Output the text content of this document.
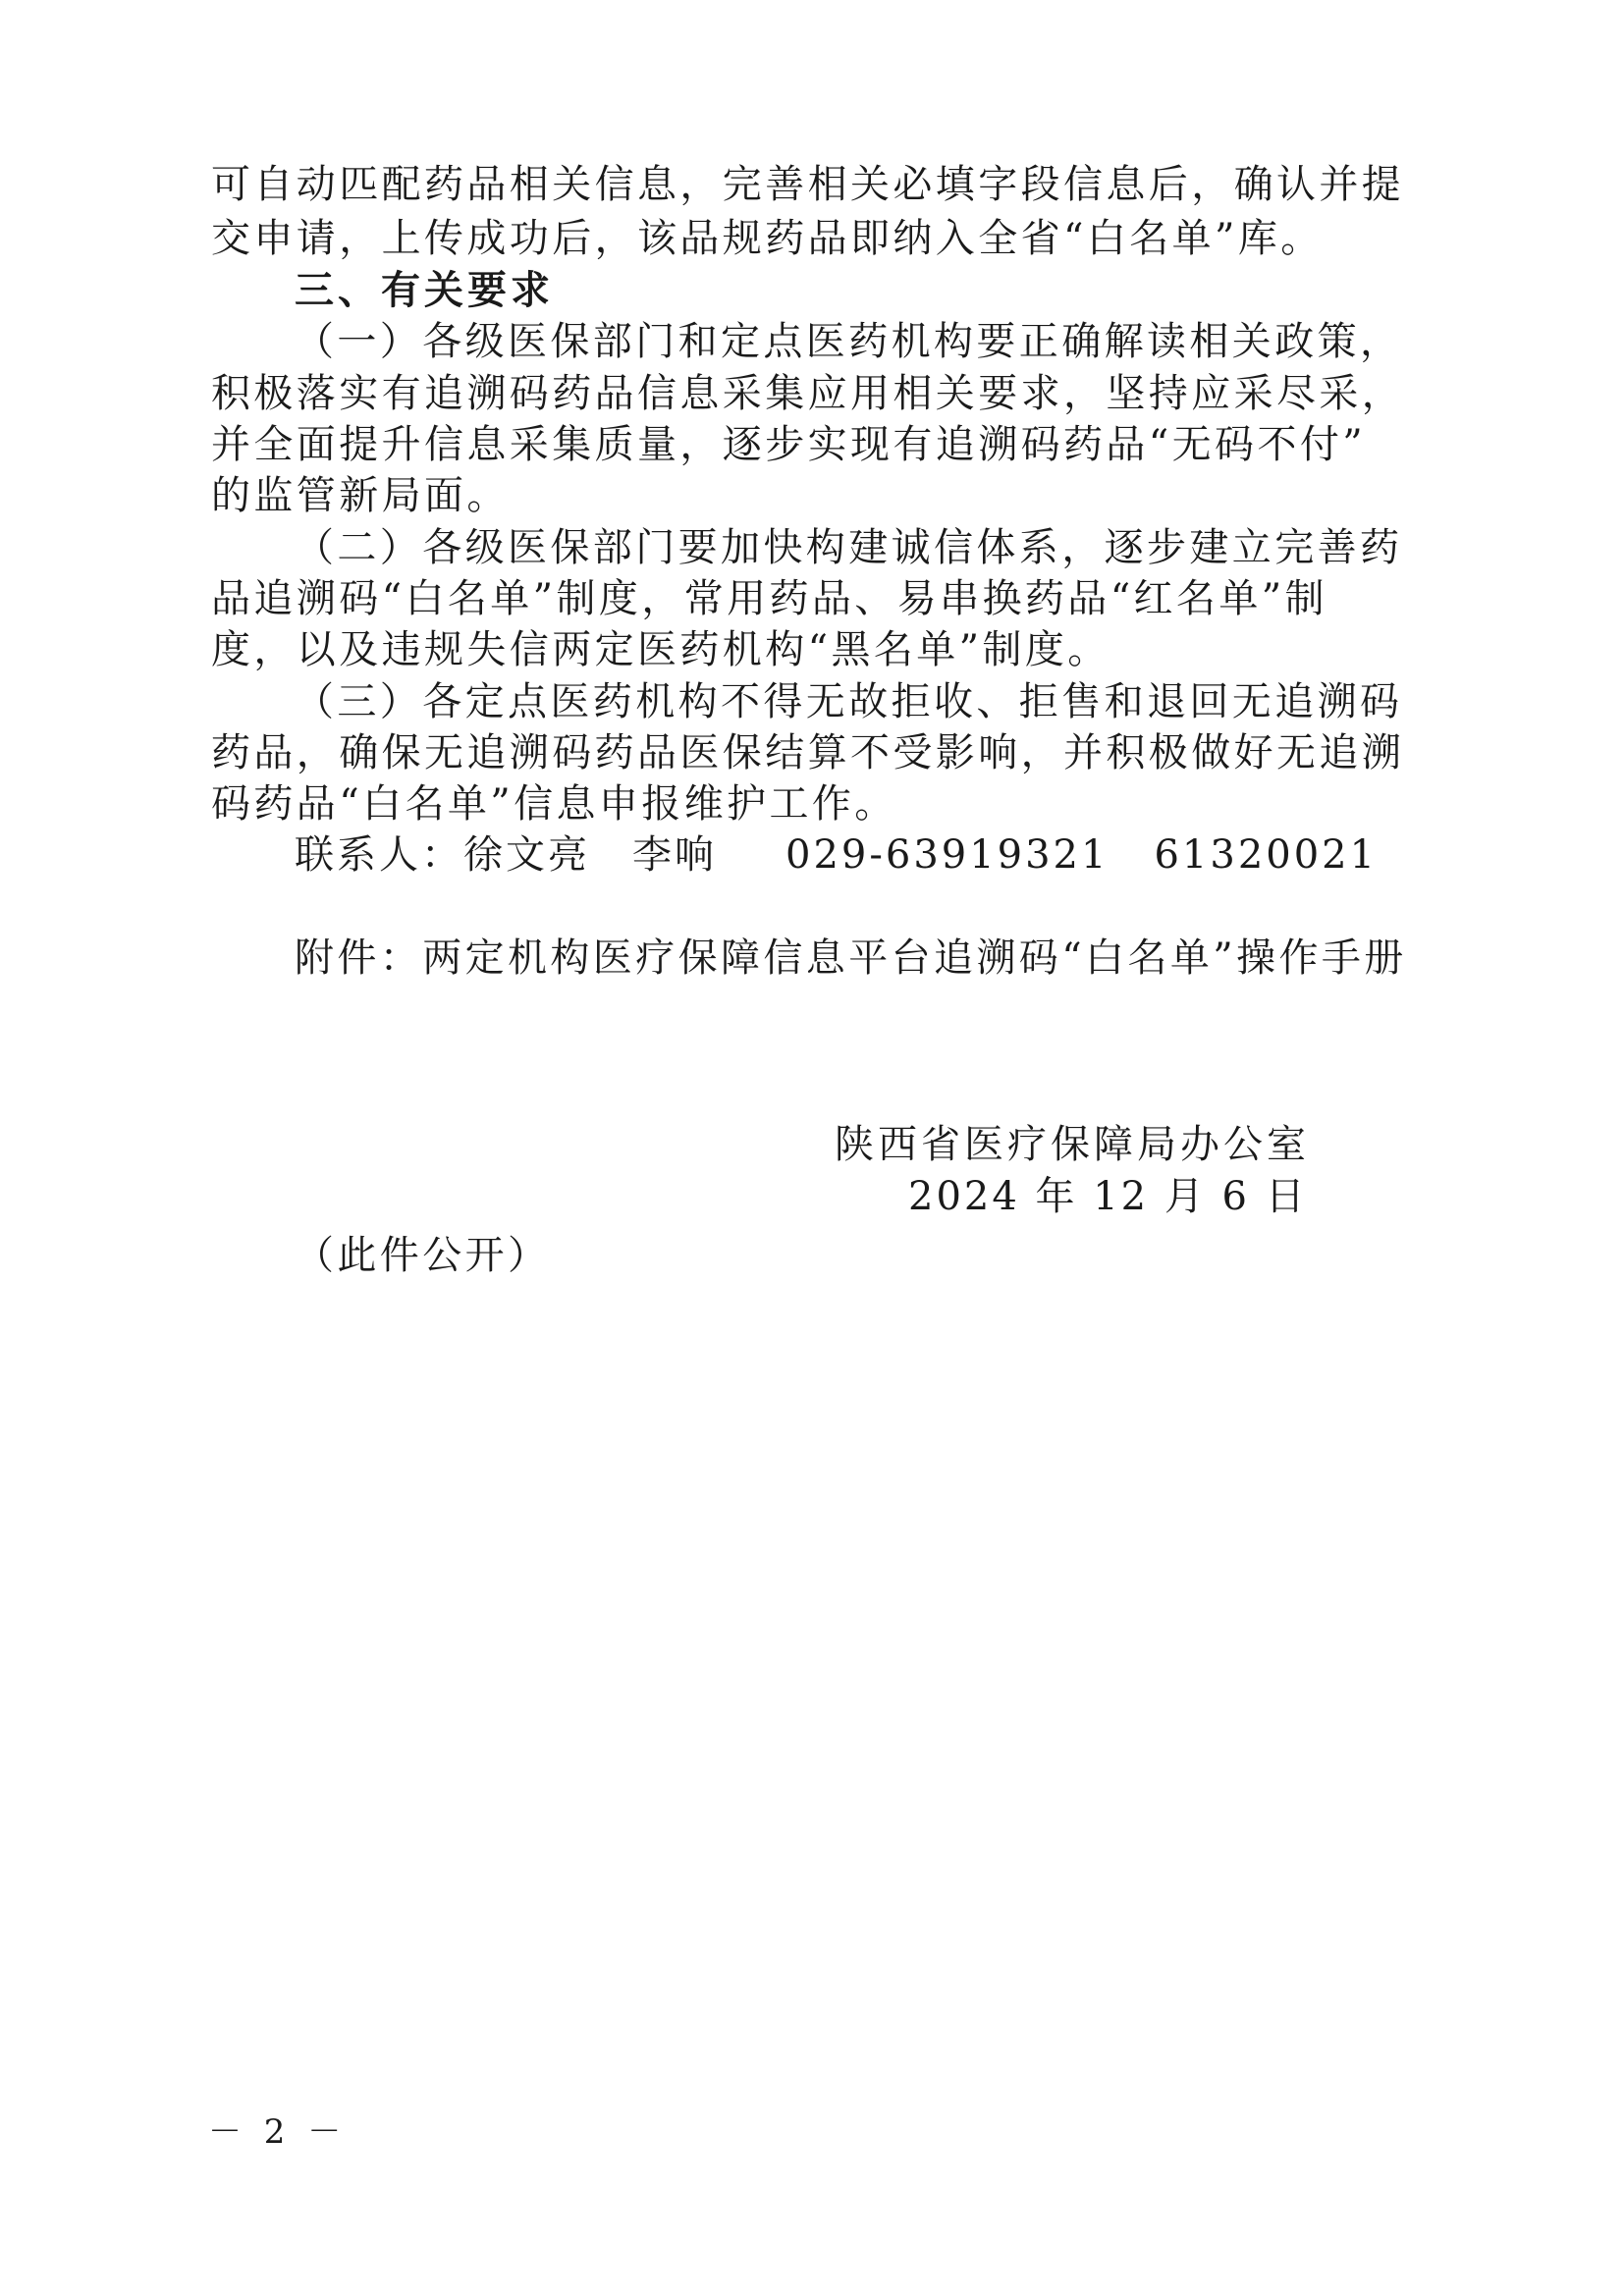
可自动匹配药品相关信息，完善相关必填字段信息后，确认并提
交申请，上传成功后，该品规药品即纳入全省“白名单”库。
三、有关要求
（一）各级医保部门和定点医药机构要正确解读相关政策，
积极落实有追溯码药品信息采集应用相关要求，坚持应采尽采，
并全面提升信息采集质量，逐步实现有追溯码药品“无码不付”
的监管新局面。
（二）各级医保部门要加快构建诚信体系，逐步建立完善药
品追溯码“白名单”制度，常用药品、易串换药品“红名单”制
度，以及违规失信两定医药机构“黑名单”制度。
（三）各定点医药机构不得无故拒收、拒售和退回无追溯码
药品，确保无追溯码药品医保结算不受影响，并积极做好无追溯
码药品“白名单”信息申报维护工作。
联系人：徐文亮　李响 029-63919321 61320021
附件：两定机构医疗保障信息平台追溯码“白名单”操作手册
陕西省医疗保障局办公室
2024 年 12 月 6 日
（此件公开）
－ 2 －
